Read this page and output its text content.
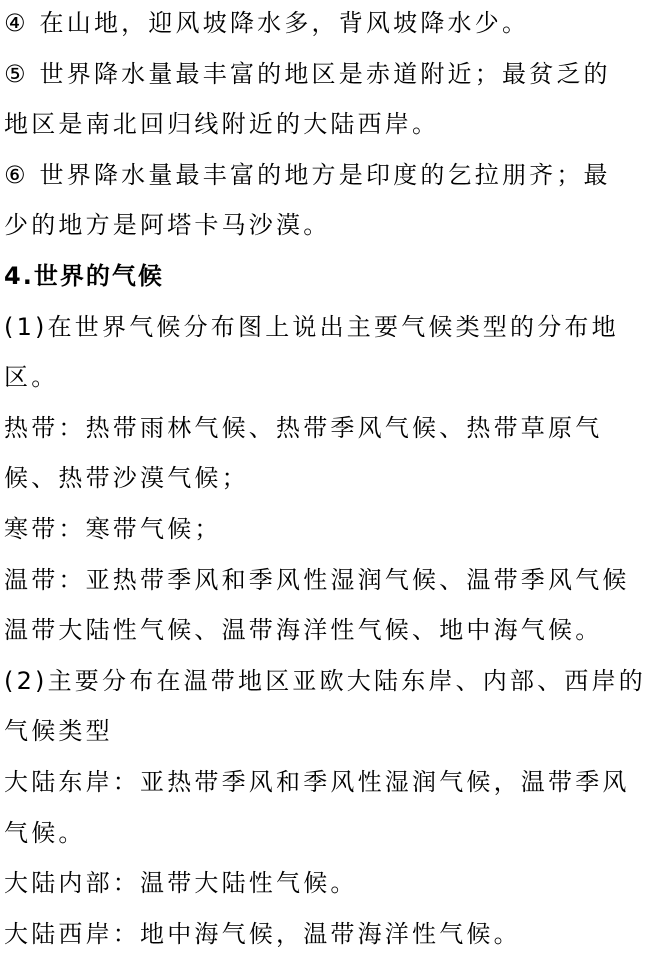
④ 在山地，迎风坡降水多，背风坡降水少。
⑤ 世界降水量最丰富的地区是赤道附近；最贫乏的
地区是南北回归线附近的大陆西岸。
⑥ 世界降水量最丰富的地方是印度的乞拉朋齐；最
少的地方是阿塔卡马沙漠。
4.世界的气候
(1)在世界气候分布图上说出主要气候类型的分布地
区。
热带：热带雨林气候、热带季风气候、热带草原气
候、热带沙漠气候；
寒带：寒带气候；
温带：亚热带季风和季风性湿润气候、温带季风气候
温带大陆性气候、温带海洋性气候、地中海气候。
(2)主要分布在温带地区亚欧大陆东岸、内部、西岸的
气候类型
大陆东岸：亚热带季风和季风性湿润气候，温带季风
气候。
大陆内部：温带大陆性气候。
大陆西岸：地中海气候，温带海洋性气候。
